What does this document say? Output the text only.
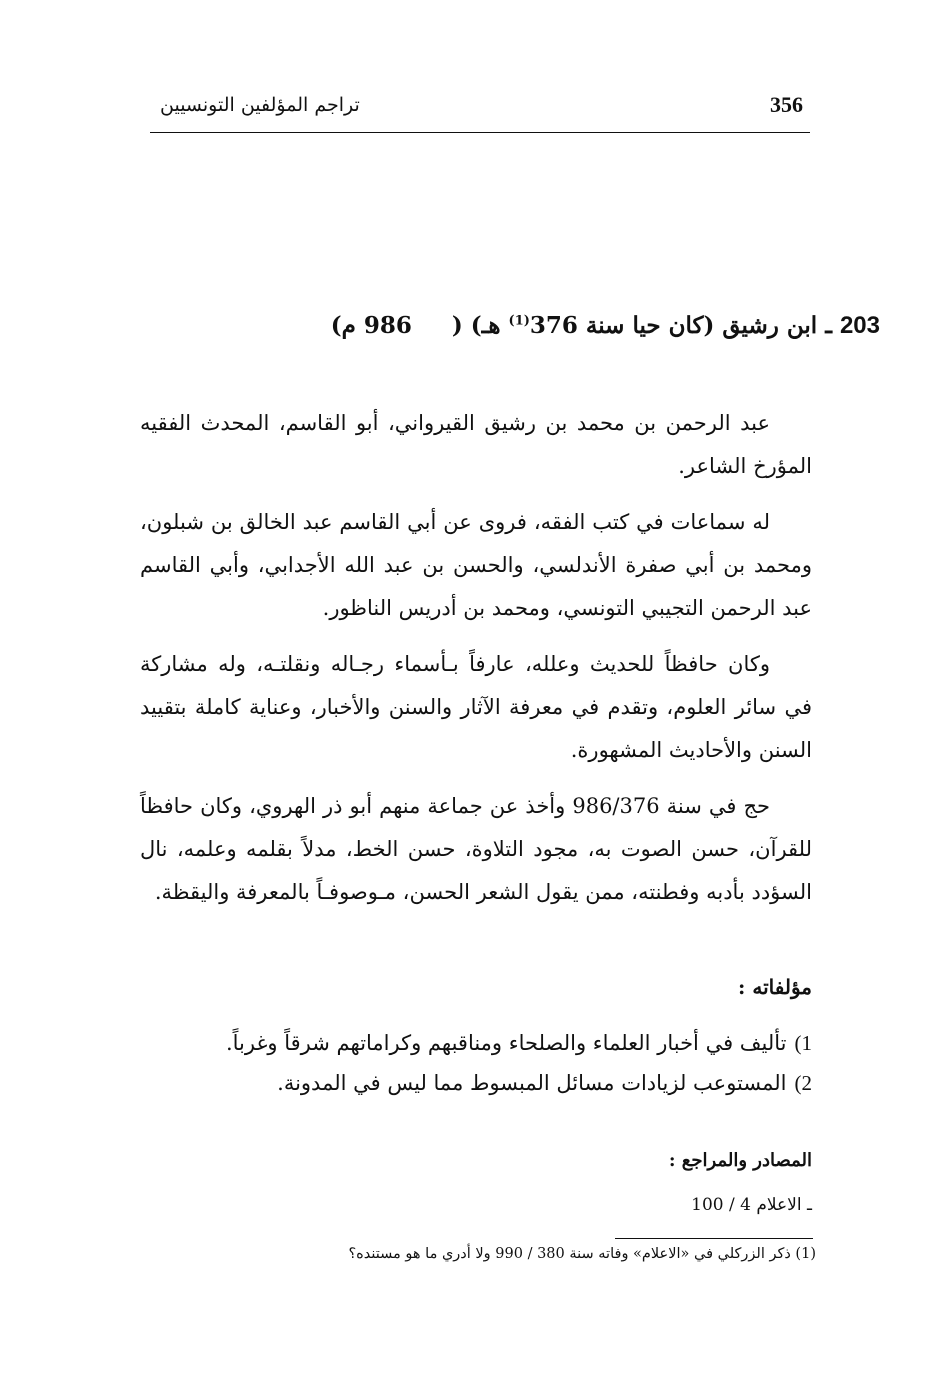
356
تراجم المؤلفين التونسيين
203 ـ ابن رشيق (كان حيا سنة 376$^{(1)}$ هـ) (     986 م)

عبد الرحمن بن محمد بن رشيق القيرواني، أبو القاسم، المحدث الفقيه المؤرخ الشاعر.

له سماعات في كتب الفقه، فروى عن أبي القاسم عبد الخالق بن شبلون، ومحمد بن أبي صفرة الأندلسي، والحسن بن عبد الله الأجدابي، وأبي القاسم عبد الرحمن التجيبي التونسي، ومحمد بن أدريس الناظور.

وكان حافظاً للحديث وعلله، عارفاً بـأسماء رجـاله ونقلتـه، وله مشاركة في سائر العلوم، وتقدم في معرفة الآثار والسنن والأخبار، وعناية كاملة بتقييد السنن والأحاديث المشهورة.

حج في سنة 986/376 وأخذ عن جماعة منهم أبو ذر الهروي، وكان حافظاً للقرآن، حسن الصوت به، مجود التلاوة، حسن الخط، مدلاً بقلمه وعلمه، نال السؤدد بأدبه وفطنته، ممن يقول الشعر الحسن، مـوصوفـاً بالمعرفة واليقظة.

مؤلفاته :
1)تأليف في أخبار العلماء والصلحاء ومناقبهم وكراماتهم شرقاً وغرباً.
2)المستوعب لزيادات مسائل المبسوط مما ليس في المدونة.
المصادر والمراجع :
ـ الاعلام 4 / 100
(1) ذكر الزركلي في «الاعلام» وفاته سنة 380 / 990 ولا أدري ما هو مستنده؟
